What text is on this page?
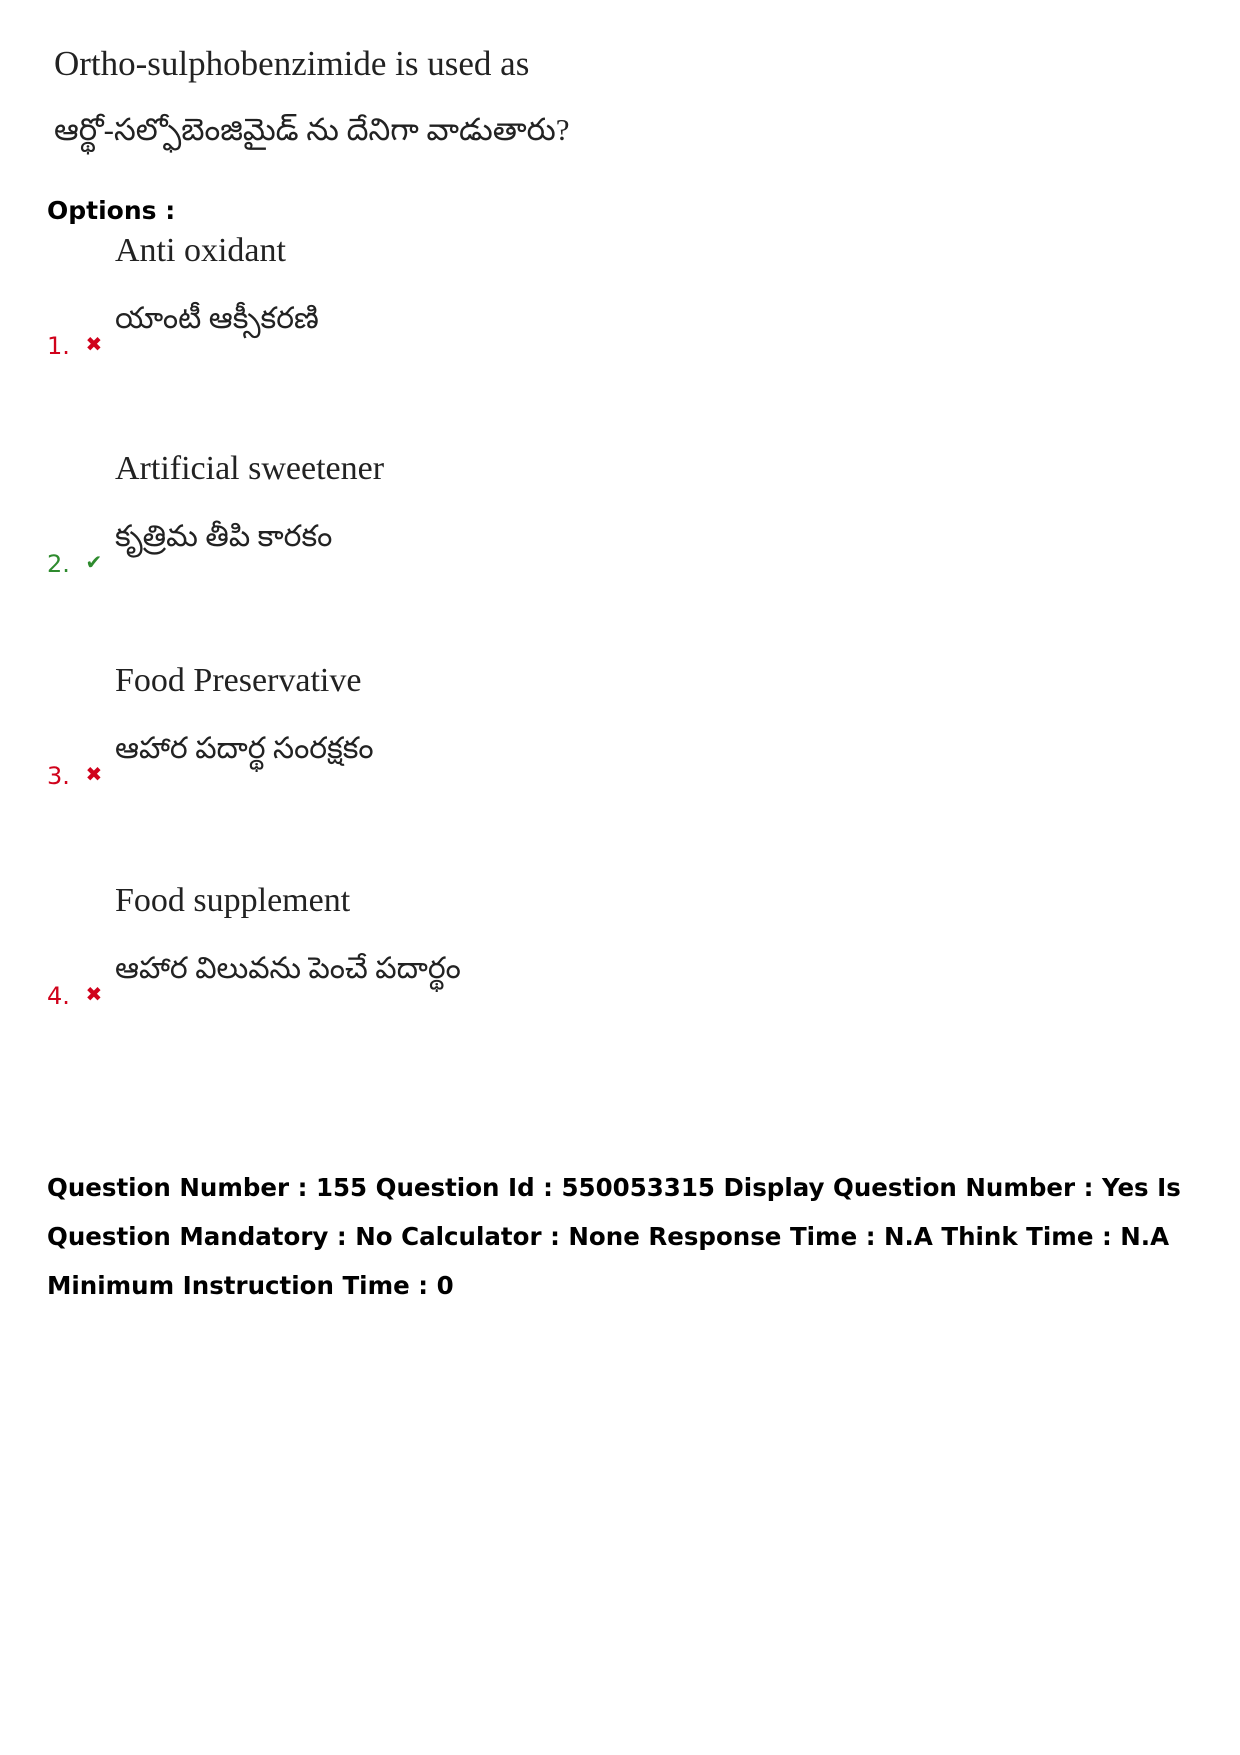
Ortho-sulphobenzimide is used as
ఆర్థో-సల్ఫోబెంజిమైడ్ ను దేనిగా వాడుతారు?
Options :
Anti oxidant
యాంటీ ఆక్సీకరణి
1. ✖
Artificial sweetener
కృత్రిమ తీపి కారకం
2. ✔
Food Preservative
ఆహార పదార్థ సంరక్షకం
3. ✖
Food supplement
ఆహార విలువను పెంచే పదార్థం
4. ✖
Question Number : 155 Question Id : 550053315 Display Question Number : Yes Is Question Mandatory : No Calculator : None Response Time : N.A Think Time : N.A Minimum Instruction Time : 0
